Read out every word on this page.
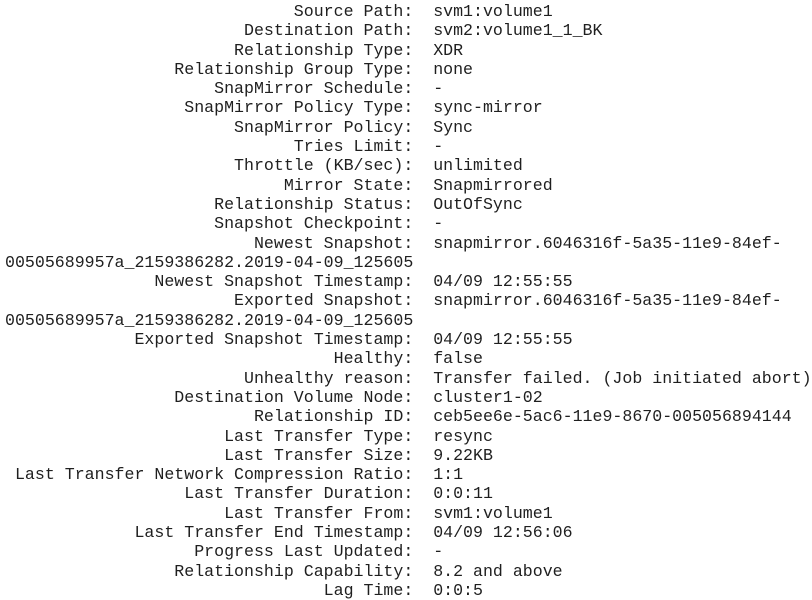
Source Path: svm1:volume1
Destination Path: svm2:volume1_1_BK
Relationship Type: XDR
Relationship Group Type: none
SnapMirror Schedule: -
SnapMirror Policy Type: sync-mirror
SnapMirror Policy: Sync
Tries Limit: -
Throttle (KB/sec): unlimited
Mirror State: Snapmirrored
Relationship Status: OutOfSync
Snapshot Checkpoint: -
Newest Snapshot: snapmirror.6046316f-5a35-11e9-84ef-
00505689957a_2159386282.2019-04-09_125605
Newest Snapshot Timestamp: 04/09 12:55:55
Exported Snapshot: snapmirror.6046316f-5a35-11e9-84ef-
00505689957a_2159386282.2019-04-09_125605
Exported Snapshot Timestamp: 04/09 12:55:55
Healthy: false
Unhealthy reason: Transfer failed. (Job initiated abort)
Destination Volume Node: cluster1-02
Relationship ID: ceb5ee6e-5ac6-11e9-8670-005056894144
Last Transfer Type: resync
Last Transfer Size: 9.22KB
Last Transfer Network Compression Ratio: 1:1
Last Transfer Duration: 0:0:11
Last Transfer From: svm1:volume1
Last Transfer End Timestamp: 04/09 12:56:06
Progress Last Updated: -
Relationship Capability: 8.2 and above
Lag Time: 0:0:5
